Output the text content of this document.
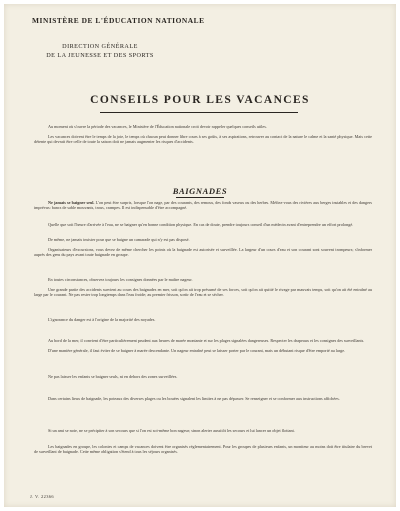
MINISTÈRE DE L'ÉDUCATION NATIONALE
DIRECTION GÉNÉRALE
DE LA JEUNESSE ET DES SPORTS
CONSEILS POUR LES VACANCES
Au moment où s'ouvre la période des vacances, le Ministère de l'Éducation nationale croit devoir rappeler quelques conseils utiles.
Les vacances doivent être le temps de la joie, le temps où chacun peut donner libre cours à ses goûts, à ses aspirations, retrouver au contact de la nature le calme et la santé physique. Mais cette détente qui devrait être celle de toute la saison doit ne jamais augmenter les risques d'accidents.
BAIGNADES
Ne jamais se baigner seul. L'on peut être surpris, lorsque l'on nage, par des courants, des remous, des fonds vaseux ou des herbes. Méfiez-vous des rivières aux berges instables et des dangers imprévus: bancs de sable mouvants, trous, crampes. Il est indispensable d'être accompagné.
Quelle que soit l'heure d'arrivée à l'eau, ne se baigner qu'en bonne condition physique. En cas de doute, prendre toujours conseil d'un médecin avant d'entreprendre un effort prolongé.
De même, ne jamais insister pour que se baigne un camarade qui n'y est pas disposé.
Organisateurs d'excursions, vous devez de même chercher les points où la baignade est autorisée et surveillée. La largeur d'un cours d'eau et son courant sont souvent trompeurs; s'informer auprès des gens du pays avant toute baignade en groupe.
En toutes circonstances, observez toujours les consignes données par le maître nageur.
Une grande partie des accidents survient au cours des baignades en mer, soit qu'on ait trop présumé de ses forces, soit qu'on ait quitté le rivage par mauvais temps, soit qu'on ait été entraîné au large par le courant. Ne pas rester trop longtemps dans l'eau froide; au premier frisson, sortir de l'eau et se sécher.
L'ignorance du danger est à l'origine de la majorité des noyades.
Au bord de la mer, il convient d'être particulièrement prudent aux heures de marée montante et sur les plages signalées dangereuses. Respecter les drapeaux et les consignes des surveillants.
D'une manière générale, il faut éviter de se baigner à marée descendante. Un nageur entraîné peut se laisser porter par le courant, mais un débutant risque d'être emporté au large.
Ne pas laisser les enfants se baigner seuls, ni en dehors des zones surveillées.
Dans certains lieux de baignade, les poteaux des diverses plages ou les bouées signalent les limites à ne pas dépasser. Se renseigner et se conformer aux instructions affichées.
Si un ami se noie, ne se précipiter à son secours que si l'on est soi-même bon nageur; sinon alerter aussitôt les secours et lui lancer un objet flottant.
Les baignades en groupe, les colonies et camps de vacances doivent être organisés réglementairement. Pour les groupes de plusieurs enfants, un moniteur au moins doit être titulaire du brevet de surveillant de baignade. Cette même obligation s'étend à tous les séjours organisés.
J. V. 22366
